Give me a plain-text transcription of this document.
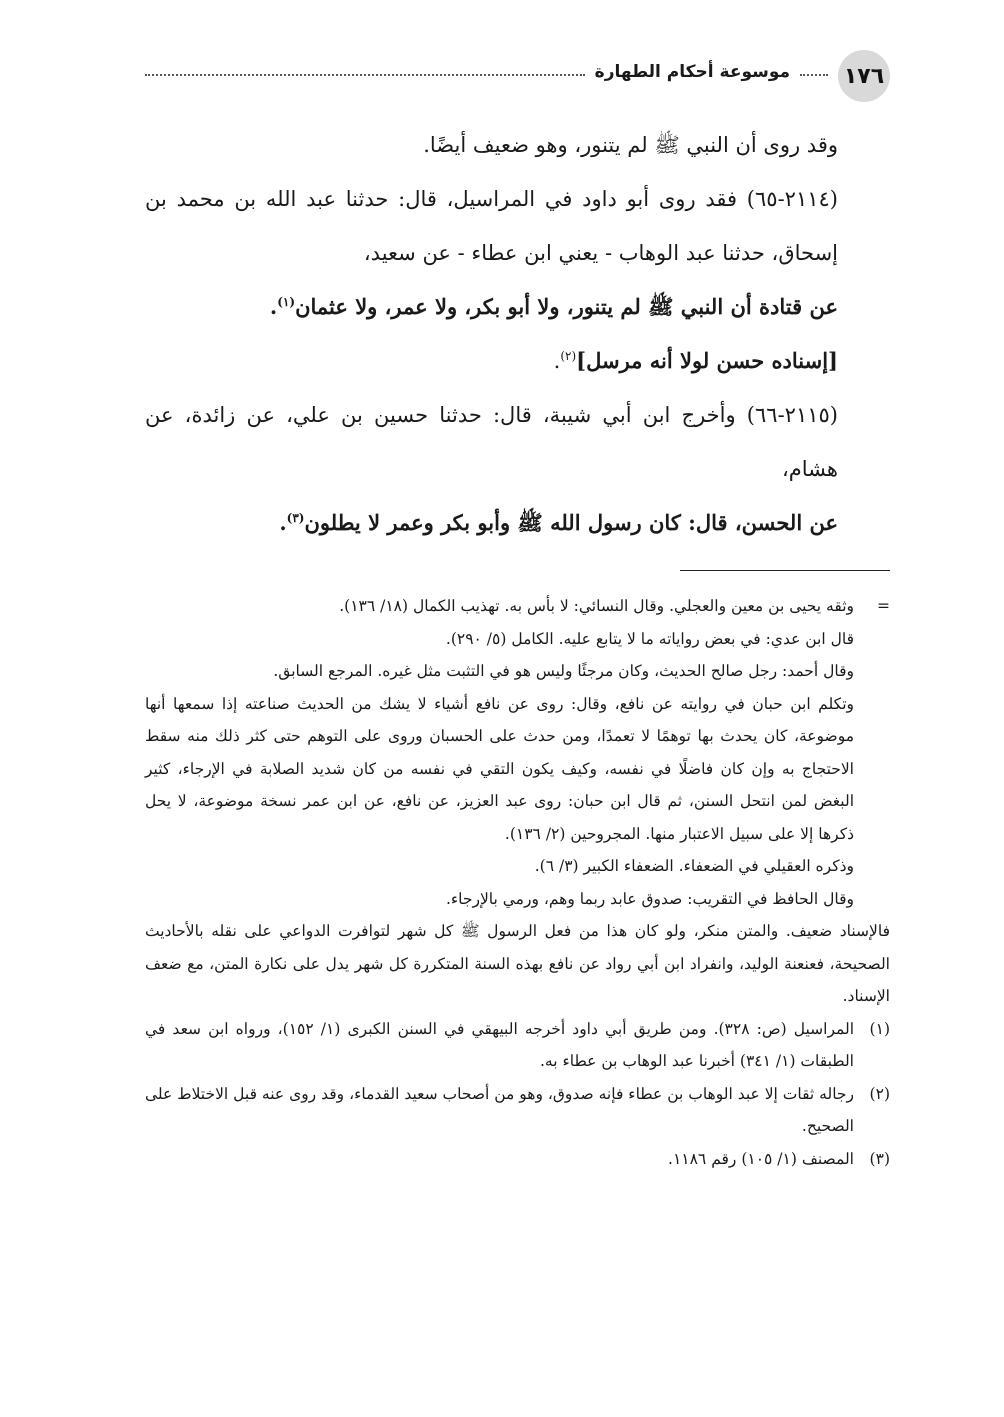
١٧٦
موسوعة أحكام الطهارة

وقد روى أن النبي ﷺ لم يتنور، وهو ضعيف أيضًا.

(٢١١٤-٦٥) فقد روى أبو داود في المراسيل، قال: حدثنا عبد الله بن محمد بن إسحاق، حدثنا عبد الوهاب - يعني ابن عطاء - عن سعيد،

عن قتادة أن النبي ﷺ لم يتنور، ولا أبو بكر، ولا عمر، ولا عثمان$^{(١)}$.

[إسناده حسن لولا أنه مرسل]$^{(٢)}$.

(٢١١٥-٦٦) وأخرج ابن أبي شيبة، قال: حدثنا حسين بن علي، عن زائدة، عن هشام،

عن الحسن، قال: كان رسول الله ﷺ وأبو بكر وعمر لا يطلون$^{(٣)}$.

=

وثقه يحيى بن معين والعجلي. وقال النسائي: لا بأس به. تهذيب الكمال (١٨/ ١٣٦).

قال ابن عدي: في بعض رواياته ما لا يتابع عليه. الكامل (٥/ ٢٩٠).

وقال أحمد: رجل صالح الحديث، وكان مرجئًا وليس هو في التثبت مثل غيره. المرجع السابق.

وتكلم ابن حبان في روايته عن نافع، وقال: روى عن نافع أشياء لا يشك من الحديث صناعته إذا سمعها أنها موضوعة، كان يحدث بها توهمًا لا تعمدًا، ومن حدث على الحسبان وروى على التوهم حتى كثر ذلك منه سقط الاحتجاج به وإن كان فاضلًا في نفسه، وكيف يكون التقي في نفسه من كان شديد الصلابة في الإرجاء، كثير البغض لمن انتحل السنن، ثم قال ابن حبان: روى عبد العزيز، عن نافع، عن ابن عمر نسخة موضوعة، لا يحل ذكرها إلا على سبيل الاعتبار منها. المجروحين (٢/ ١٣٦).

وذكره العقيلي في الضعفاء. الضعفاء الكبير (٣/ ٦).

وقال الحافظ في التقريب: صدوق عابد ربما وهم، ورمي بالإرجاء.

فالإسناد ضعيف. والمتن منكر، ولو كان هذا من فعل الرسول ﷺ كل شهر لتوافرت الدواعي على نقله بالأحاديث الصحيحة، فعنعنة الوليد، وانفراد ابن أبي رواد عن نافع بهذه السنة المتكررة كل شهر يدل على نكارة المتن، مع ضعف الإسناد.

(١)

المراسيل (ص: ٣٢٨). ومن طريق أبي داود أخرجه البيهقي في السنن الكبرى (١/ ١٥٢)، ورواه ابن سعد في الطبقات (١/ ٣٤١) أخبرنا عبد الوهاب بن عطاء به.

(٢)

رجاله ثقات إلا عبد الوهاب بن عطاء فإنه صدوق، وهو من أصحاب سعيد القدماء، وقد روى عنه قبل الاختلاط على الصحيح.

(٣)

المصنف (١/ ١٠٥) رقم ١١٨٦.
